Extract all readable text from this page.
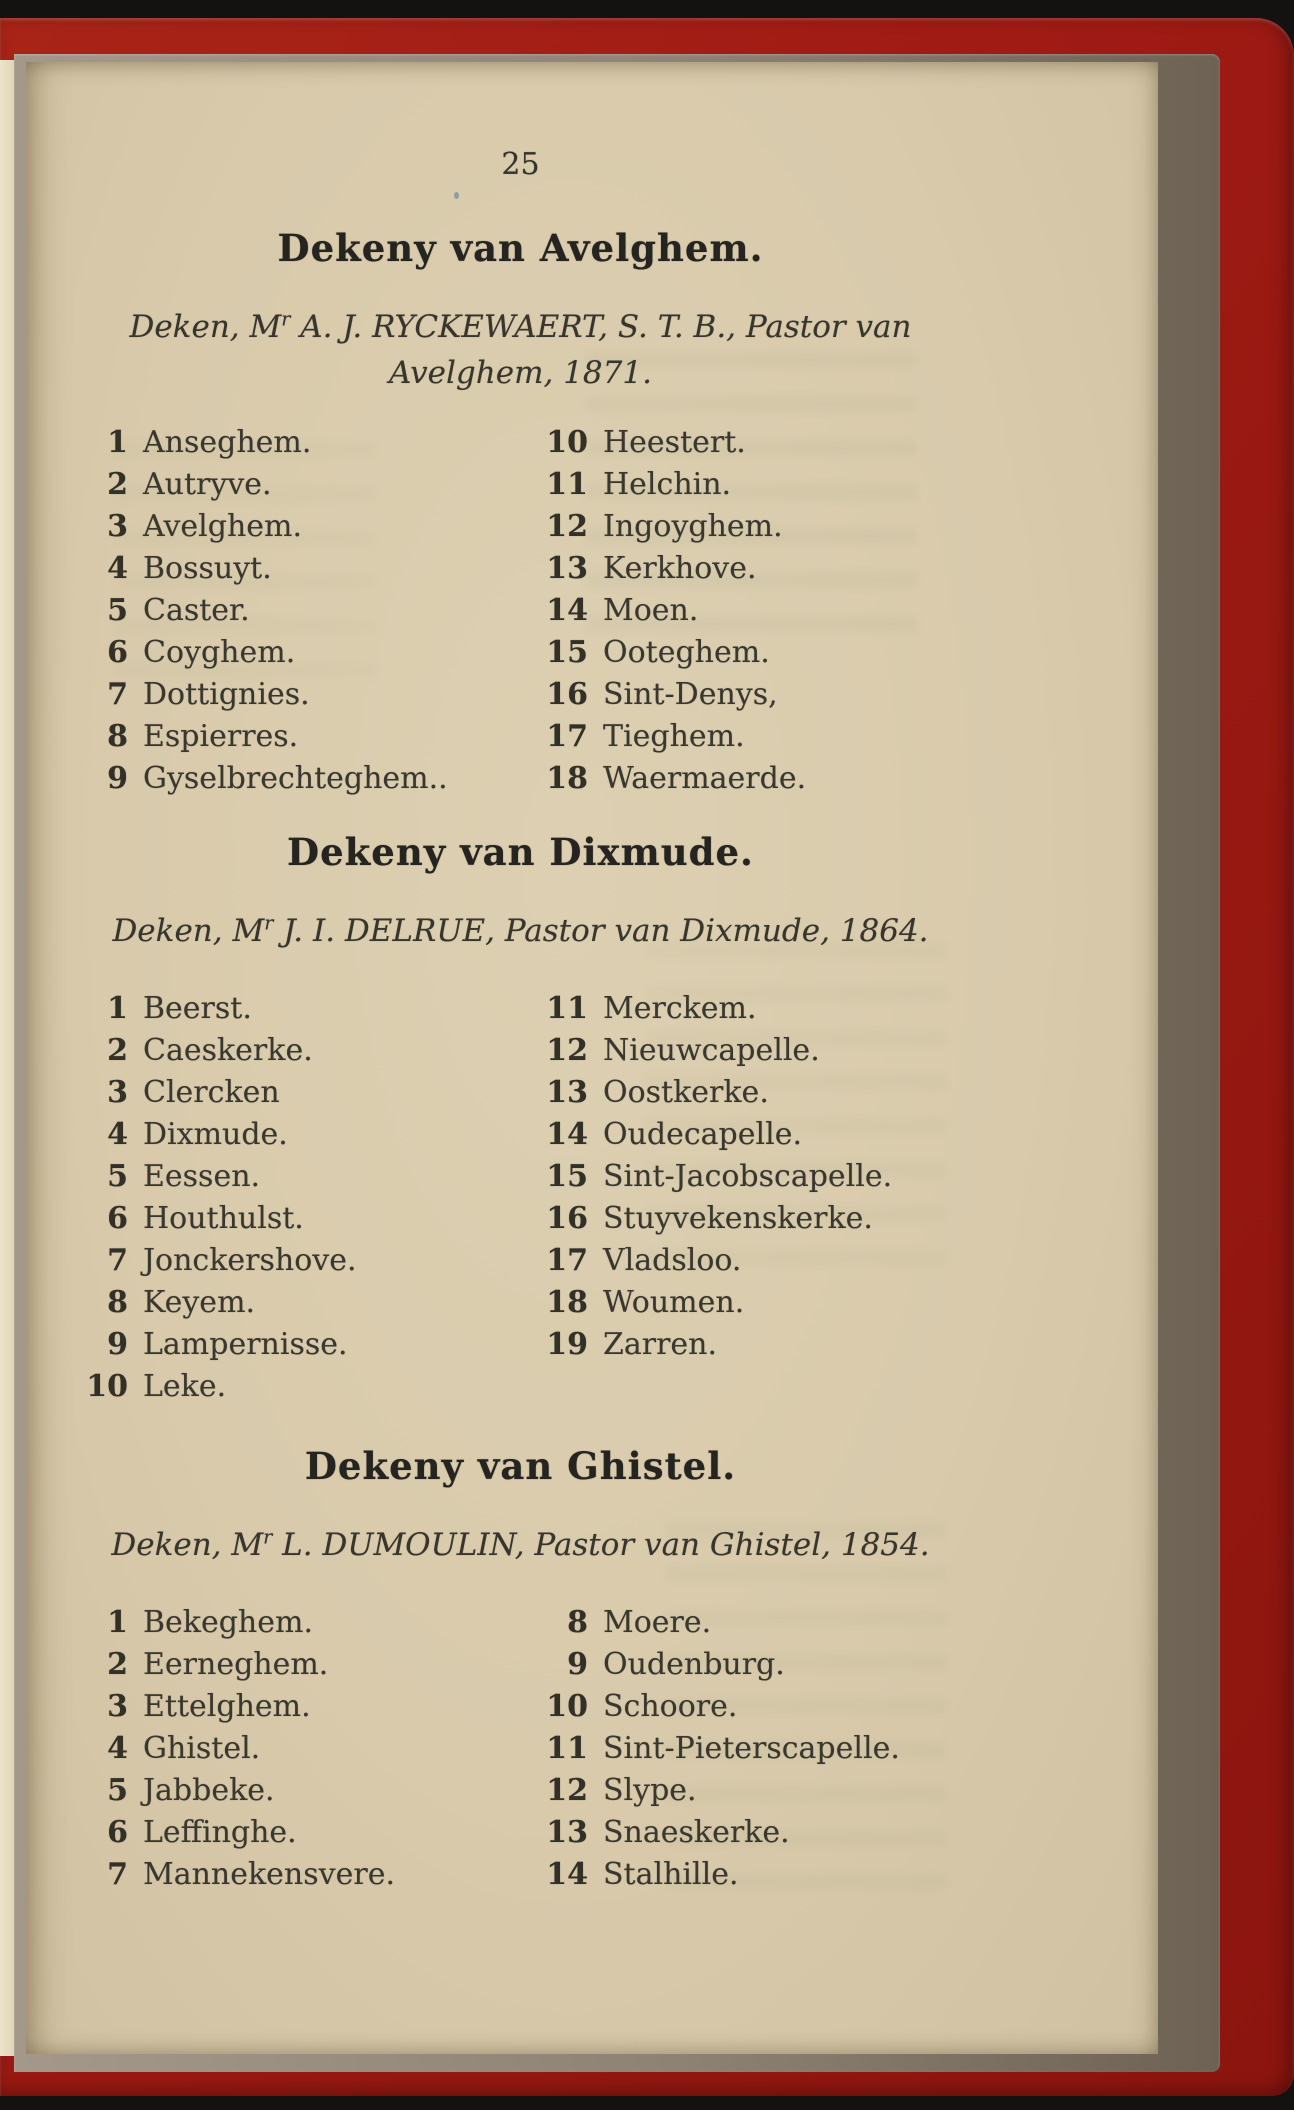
25

Dekeny van Avelghem.

Deken, $M^r$ A. J. RYCKEWAERT, S. T. B., Pastor van
Avelghem, 1871.

1 Anseghem.
2 Autryve.
3 Avelghem.
4 Bossuyt.
5 Caster.
6 Coyghem.
7 Dottignies.
8 Espierres.
9 Gyselbrechteghem..
10 Heestert.
11 Helchin.
12 Ingoyghem.
13 Kerkhove.
14 Moen.
15 Ooteghem.
16 Sint-Denys,
17 Tieghem.
18 Waermaerde.
Dekeny van Dixmude.

Deken, $M^r$ J. I. DELRUE, Pastor van Dixmude, 1864.

1 Beerst.
2 Caeskerke.
3 Clercken
4 Dixmude.
5 Eessen.
6 Houthulst.
7 Jonckershove.
8 Keyem.
9 Lampernisse.
10 Leke.
11 Merckem.
12 Nieuwcapelle.
13 Oostkerke.
14 Oudecapelle.
15 Sint-Jacobscapelle.
16 Stuyvekenskerke.
17 Vladsloo.
18 Woumen.
19 Zarren.
Dekeny van Ghistel.

Deken, $M^r$ L. DUMOULIN, Pastor van Ghistel, 1854.

1 Bekeghem.
2 Eerneghem.
3 Ettelghem.
4 Ghistel.
5 Jabbeke.
6 Leffinghe.
7 Mannekensvere.
8 Moere.
9 Oudenburg.
10 Schoore.
11 Sint-Pieterscapelle.
12 Slype.
13 Snaeskerke.
14 Stalhille.
